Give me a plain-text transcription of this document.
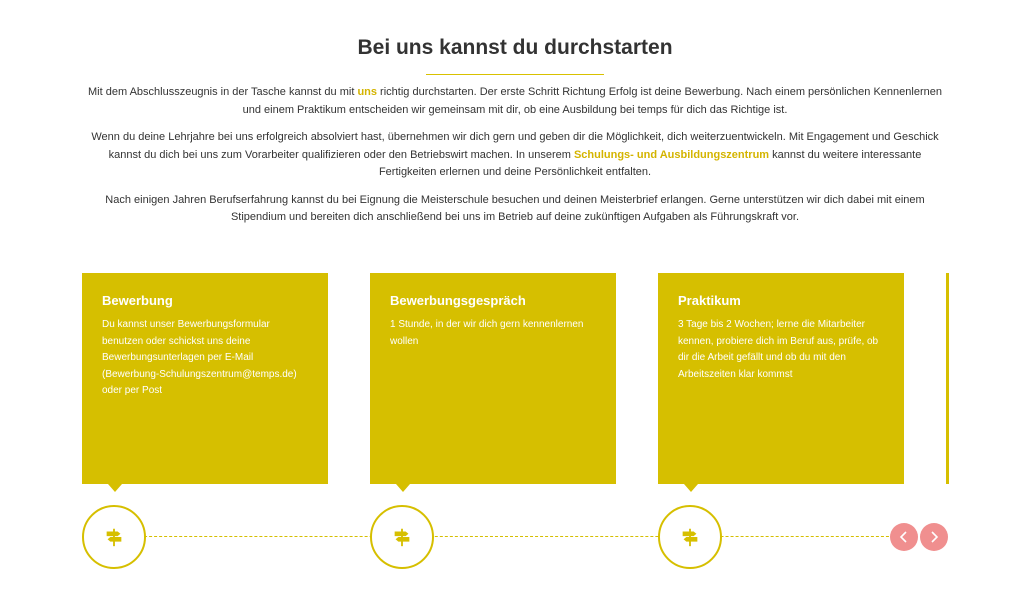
Bei uns kannst du durchstarten

Mit dem Abschlusszeugnis in der Tasche kannst du mit uns richtig durchstarten. Der erste Schritt Richtung Erfolg ist deine Bewerbung. Nach einem persönlichen Kennenlernen und einem Praktikum entscheiden wir gemeinsam mit dir, ob eine Ausbildung bei temps für dich das Richtige ist.

Wenn du deine Lehrjahre bei uns erfolgreich absolviert hast, übernehmen wir dich gern und geben dir die Möglichkeit, dich weiterzuentwickeln. Mit Engagement und Geschick kannst du dich bei uns zum Vorarbeiter qualifizieren oder den Betriebswirt machen. In unserem Schulungs- und Ausbildungszentrum kannst du weitere interessante Fertigkeiten erlernen und deine Persönlichkeit entfalten.

Nach einigen Jahren Berufserfahrung kannst du bei Eignung die Meisterschule besuchen und deinen Meisterbrief erlangen. Gerne unterstützen wir dich dabei mit einem Stipendium und bereiten dich anschließend bei uns im Betrieb auf deine zukünftigen Aufgaben als Führungskraft vor.

Bewerbung
Du kannst unser Bewerbungsformular benutzen oder schickst uns deine Bewerbungsunterlagen per E-Mail (Bewerbung-Schulungszentrum@temps.de) oder per Post
Bewerbungsgespräch
1 Stunde, in der wir dich gern kennenlernen wollen
Praktikum
3 Tage bis 2 Wochen; lerne die Mitarbeiter kennen, probiere dich im Beruf aus, prüfe, ob dir die Arbeit gefällt und ob du mit den Arbeitszeiten klar kommst
